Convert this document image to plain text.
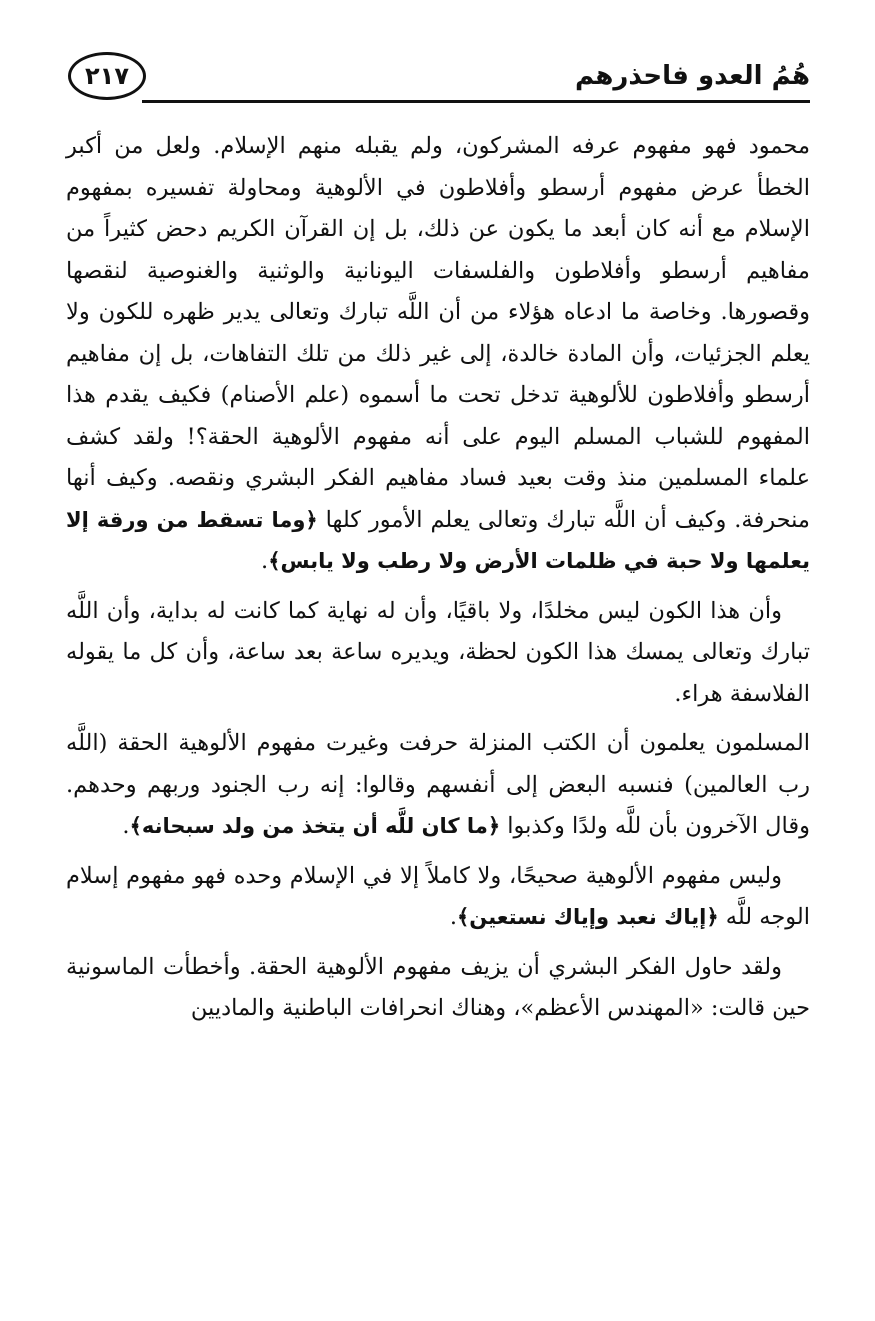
٢١٧	هُمُ العدو فاحذرهم

محمود فهو مفهوم عرفه المشركون، ولم يقبله منهم الإسلام. ولعل من أكبر الخطأ عرض مفهوم أرسطو وأفلاطون في الألوهية ومحاولة تفسيره بمفهوم الإسلام مع أنه كان أبعد ما يكون عن ذلك، بل إن القرآن الكريم دحض كثيراً من مفاهيم أرسطو وأفلاطون والفلسفات اليونانية والوثنية والغنوصية لنقصها وقصورها. وخاصة ما ادعاه هؤلاء من أن اللَّه تبارك وتعالى يدير ظهره للكون ولا يعلم الجزئيات، وأن المادة خالدة، إلى غير ذلك من تلك التفاهات، بل إن مفاهيم أرسطو وأفلاطون للألوهية تدخل تحت ما أسموه (علم الأصنام) فكيف يقدم هذا المفهوم للشباب المسلم اليوم على أنه مفهوم الألوهية الحقة؟! ولقد كشف علماء المسلمين منذ وقت بعيد فساد مفاهيم الفكر البشري ونقصه. وكيف أنها منحرفة. وكيف أن اللَّه تبارك وتعالى يعلم الأمور كلها ﴿وما تسقط من ورقة إلا يعلمها ولا حبة في ظلمات الأرض ولا رطب ولا يابس﴾.

وأن هذا الكون ليس مخلدًا، ولا باقيًا، وأن له نهاية كما كانت له بداية، وأن اللَّه تبارك وتعالى يمسك هذا الكون لحظة، ويديره ساعة بعد ساعة، وأن كل ما يقوله الفلاسفة هراء.

المسلمون يعلمون أن الكتب المنزلة حرفت وغيرت مفهوم الألوهية الحقة (اللَّه رب العالمين) فنسبه البعض إلى أنفسهم وقالوا: إنه رب الجنود وربهم وحدهم. وقال الآخرون بأن للَّه ولدًا وكذبوا ﴿ما كان للَّه أن يتخذ من ولد سبحانه﴾.

وليس مفهوم الألوهية صحيحًا، ولا كاملاً إلا في الإسلام وحده فهو مفهوم إسلام الوجه للَّه ﴿إياك نعبد وإياك نستعين﴾.

ولقد حاول الفكر البشري أن يزيف مفهوم الألوهية الحقة. وأخطأت الماسونية حين قالت: «المهندس الأعظم»، وهناك انحرافات الباطنية والماديين
